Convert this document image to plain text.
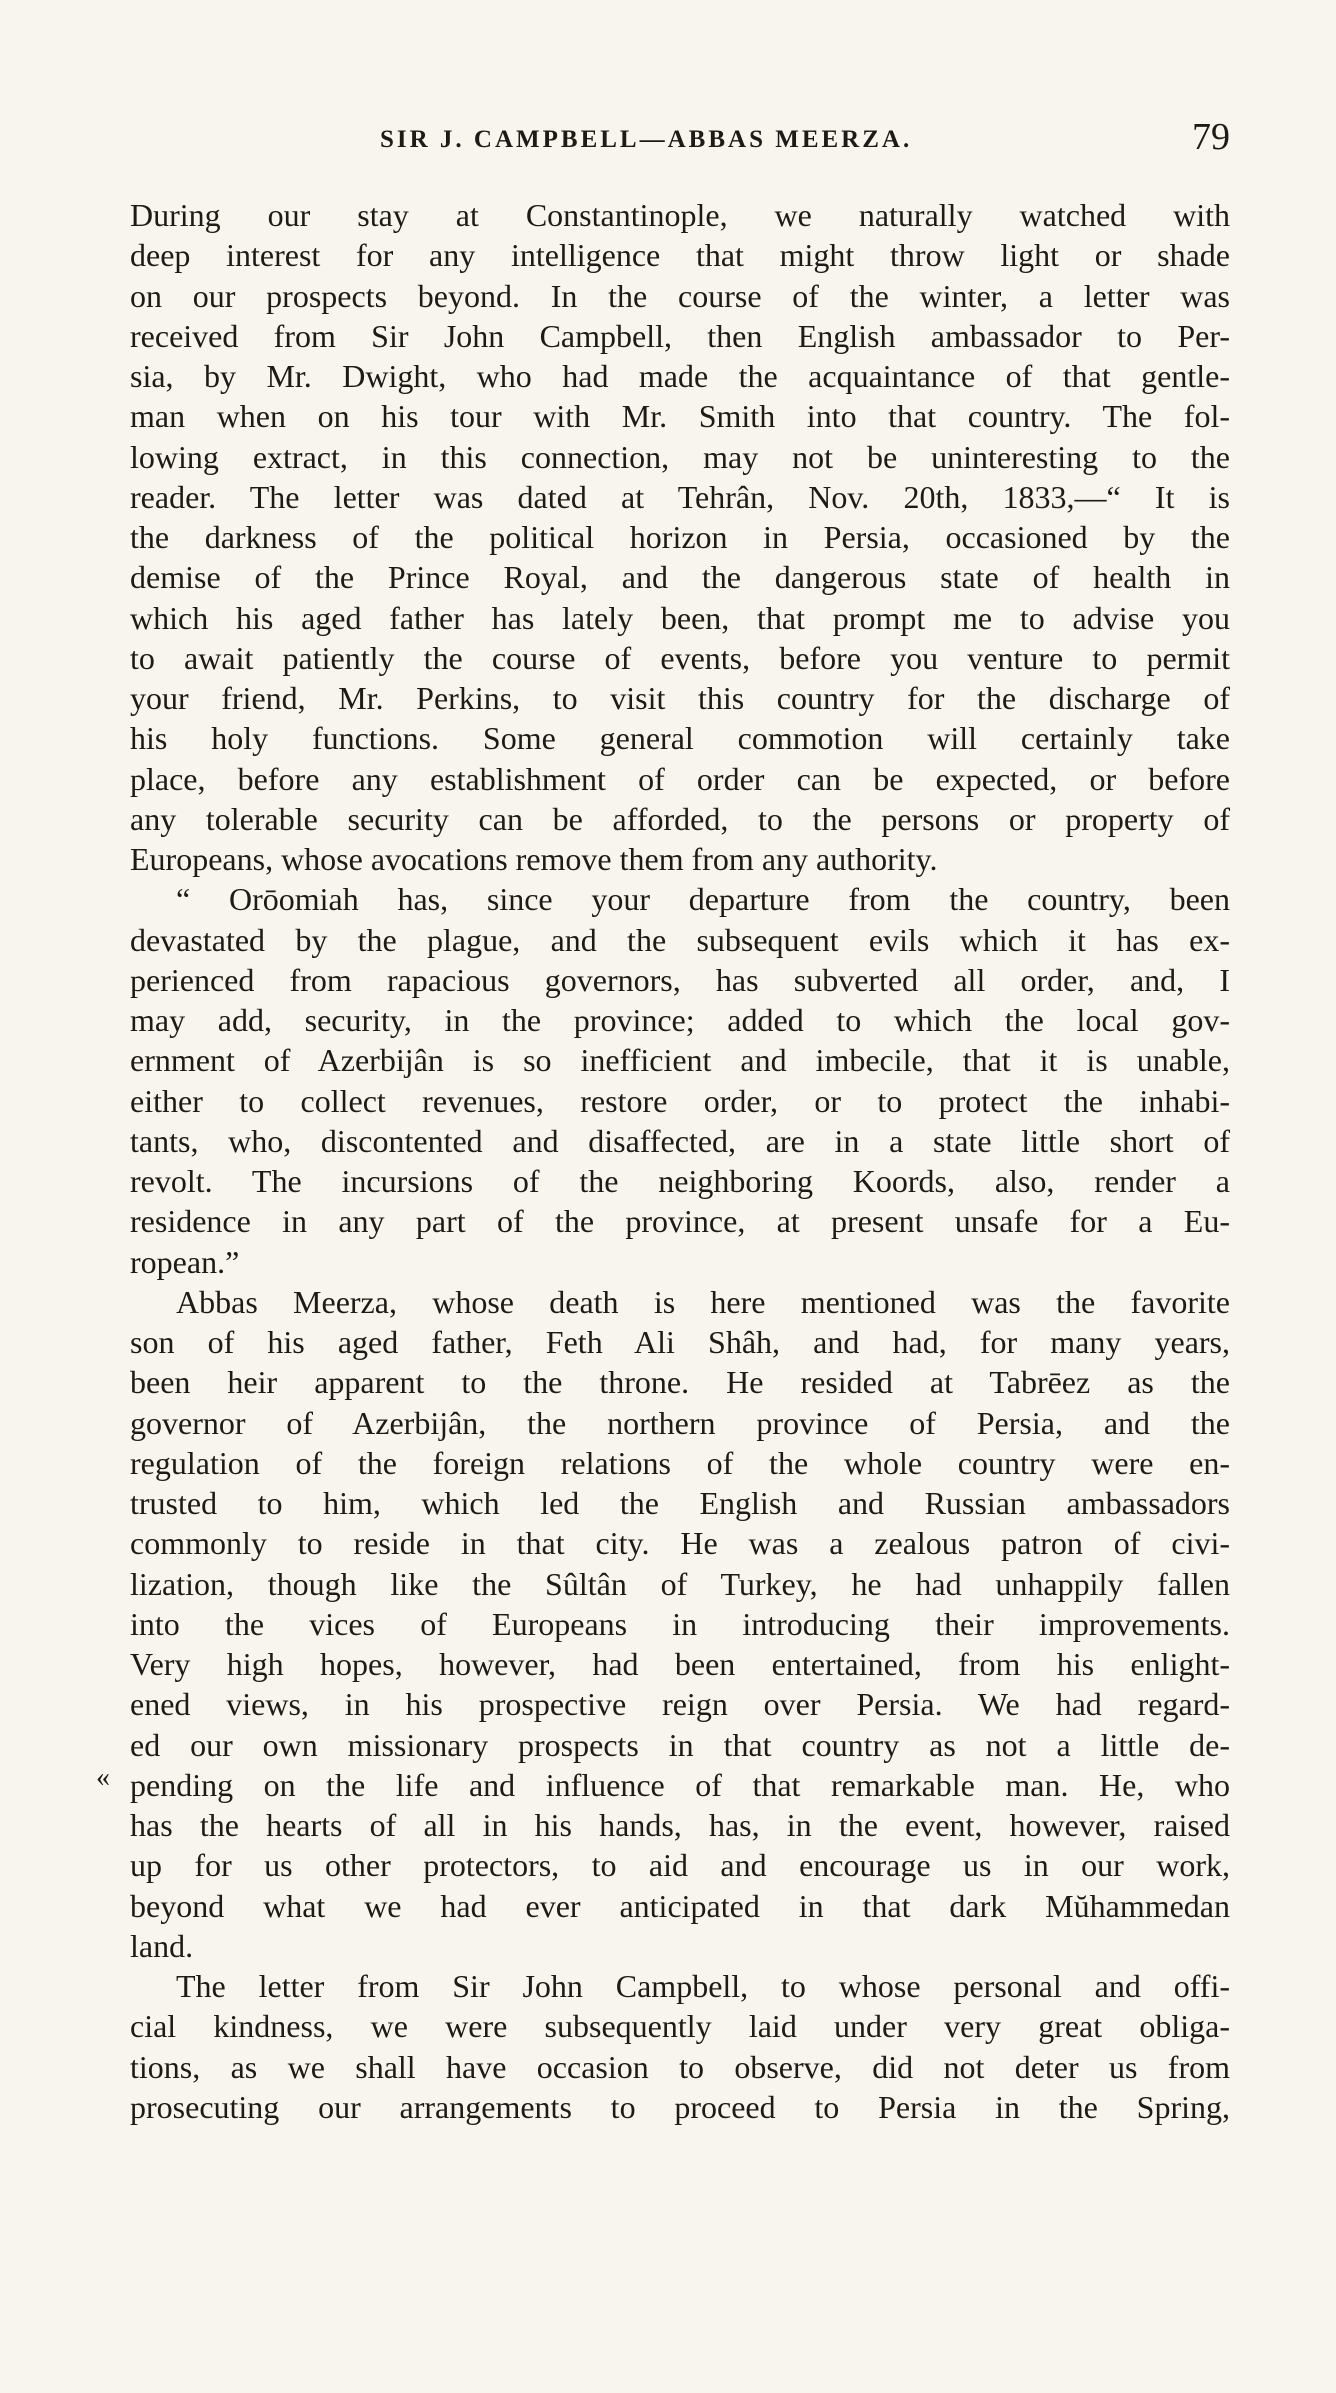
SIR J. CAMPBELL—ABBAS MEERZA.	79
«
During our stay at Constantinople, we naturally watched with
deep interest for any intelligence that might throw light or shade
on our prospects beyond. In the course of the winter, a letter was
received from Sir John Campbell, then English ambassador to Per-
sia, by Mr. Dwight, who had made the acquaintance of that gentle-
man when on his tour with Mr. Smith into that country. The fol-
lowing extract, in this connection, may not be uninteresting to the
reader. The letter was dated at Tehrân, Nov. 20th, 1833,—“ It is
the darkness of the political horizon in Persia, occasioned by the
demise of the Prince Royal, and the dangerous state of health in
which his aged father has lately been, that prompt me to advise you
to await patiently the course of events, before you venture to permit
your friend, Mr. Perkins, to visit this country for the discharge of
his holy functions. Some general commotion will certainly take
place, before any establishment of order can be expected, or before
any tolerable security can be afforded, to the persons or property of
Europeans, whose avocations remove them from any authority.
“ Orōomiah has, since your departure from the country, been
devastated by the plague, and the subsequent evils which it has ex-
perienced from rapacious governors, has subverted all order, and, I
may add, security, in the province; added to which the local gov-
ernment of Azerbijân is so inefficient and imbecile, that it is unable,
either to collect revenues, restore order, or to protect the inhabi-
tants, who, discontented and disaffected, are in a state little short of
revolt. The incursions of the neighboring Koords, also, render a
residence in any part of the province, at present unsafe for a Eu-
ropean.”
Abbas Meerza, whose death is here mentioned was the favorite
son of his aged father, Feth Ali Shâh, and had, for many years,
been heir apparent to the throne. He resided at Tabrēez as the
governor of Azerbijân, the northern province of Persia, and the
regulation of the foreign relations of the whole country were en-
trusted to him, which led the English and Russian ambassadors
commonly to reside in that city. He was a zealous patron of civi-
lization, though like the Sûltân of Turkey, he had unhappily fallen
into the vices of Europeans in introducing their improvements.
Very high hopes, however, had been entertained, from his enlight-
ened views, in his prospective reign over Persia. We had regard-
ed our own missionary prospects in that country as not a little de-
pending on the life and influence of that remarkable man. He, who
has the hearts of all in his hands, has, in the event, however, raised
up for us other protectors, to aid and encourage us in our work,
beyond what we had ever anticipated in that dark Mŭhammedan
land.
The letter from Sir John Campbell, to whose personal and offi-
cial kindness, we were subsequently laid under very great obliga-
tions, as we shall have occasion to observe, did not deter us from
prosecuting our arrangements to proceed to Persia in the Spring,
